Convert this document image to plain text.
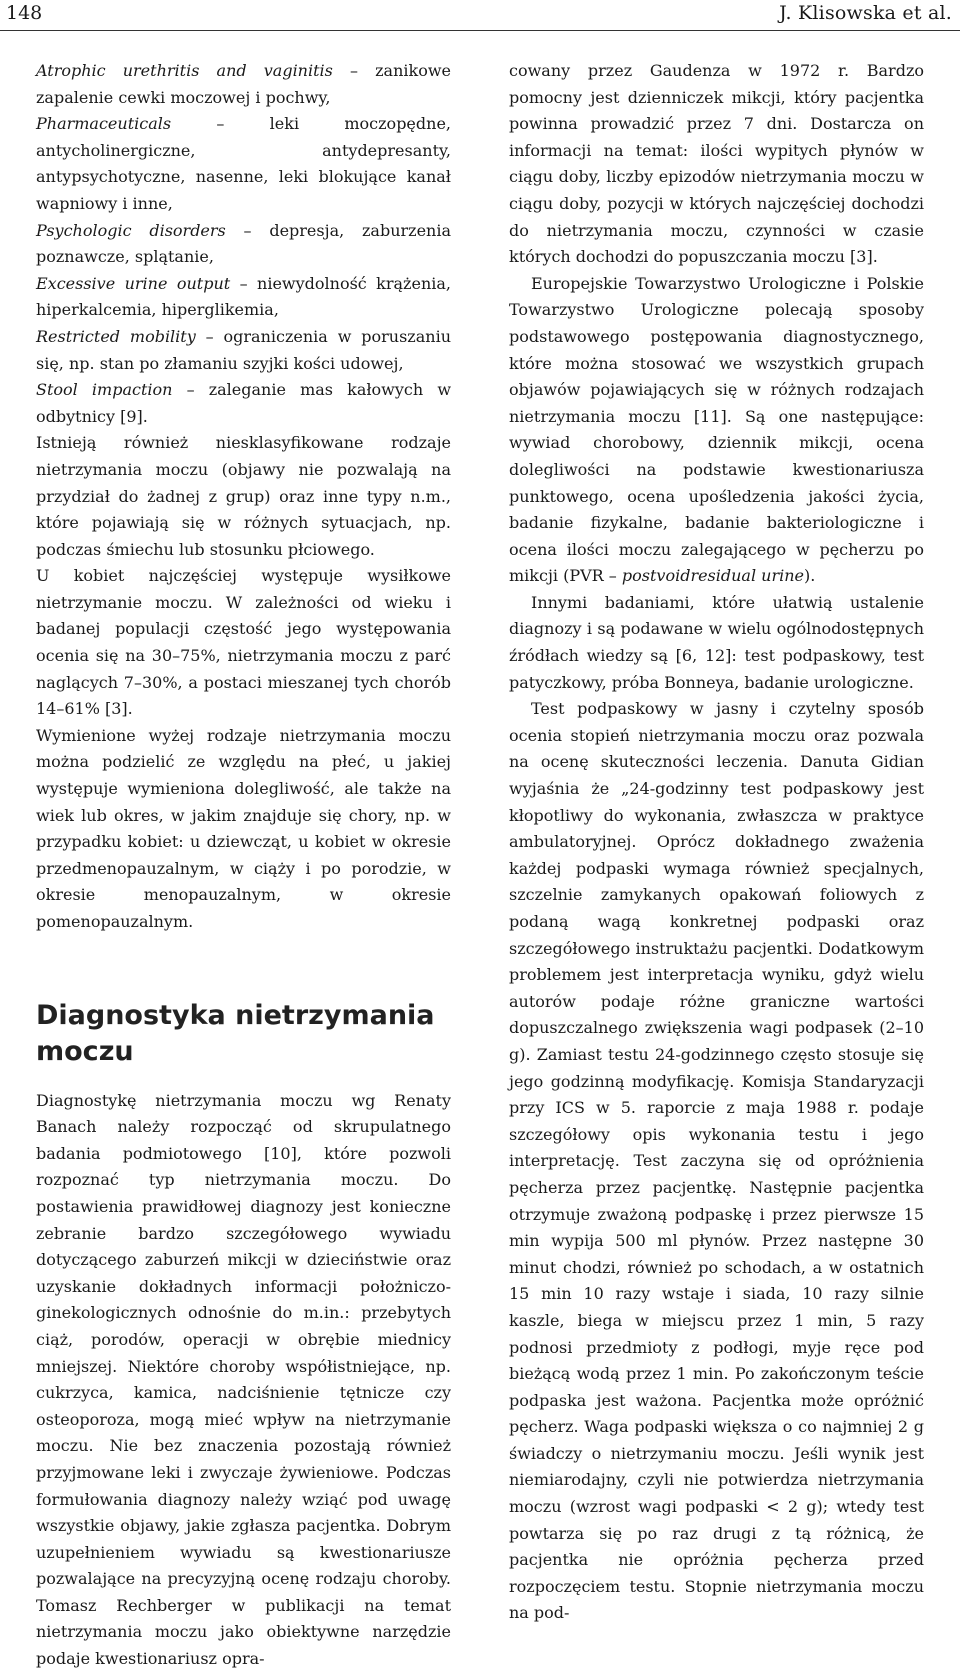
148	J. Klisowska et al.

Atrophic urethritis and vaginitis – zanikowe zapalenie cewki moczowej i pochwy,

Pharmaceuticals – leki moczopędne, antycholinergiczne, antydepresanty, antypsychotyczne, nasenne, leki blokujące kanał wapniowy i inne,

Psychologic disorders – depresja, zaburzenia poznawcze, splątanie,

Excessive urine output – niewydolność krążenia, hiperkalcemia, hiperglikemia,

Restricted mobility – ograniczenia w poruszaniu się, np. stan po złamaniu szyjki kości udowej,

Stool impaction – zaleganie mas kałowych w odbytnicy [9].

Istnieją również niesklasyfikowane rodzaje nietrzymania moczu (objawy nie pozwalają na przydział do żadnej z grup) oraz inne typy n.m., które pojawiają się w różnych sytuacjach, np. podczas śmiechu lub stosunku płciowego.

U kobiet najczęściej występuje wysiłkowe nietrzymanie moczu. W zależności od wieku i badanej populacji częstość jego występowania ocenia się na 30–75%, nietrzymania moczu z parć naglących 7–30%, a postaci mieszanej tych chorób 14–61% [3].

Wymienione wyżej rodzaje nietrzymania moczu można podzielić ze względu na płeć, u jakiej występuje wymieniona dolegliwość, ale także na wiek lub okres, w jakim znajduje się chory, np. w przypadku kobiet: u dziewcząt, u kobiet w okresie przedmenopauzalnym, w ciąży i po porodzie, w okresie menopauzalnym, w okresie pomenopauzalnym.

Diagnostyka nietrzymania moczu

Diagnostykę nietrzymania moczu wg Renaty Banach należy rozpocząć od skrupulatnego badania podmiotowego [10], które pozwoli rozpoznać typ nietrzymania moczu. Do postawienia prawidłowej diagnozy jest konieczne zebranie bardzo szczegółowego wywiadu dotyczącego zaburzeń mikcji w dzieciństwie oraz uzyskanie dokładnych informacji położniczo-ginekologicznych odnośnie do m.in.: przebytych ciąż, porodów, operacji w obrębie miednicy mniejszej. Niektóre choroby współistniejące, np. cukrzyca, kamica, nadciśnienie tętnicze czy osteoporoza, mogą mieć wpływ na nietrzymanie moczu. Nie bez znaczenia pozostają również przyjmowane leki i zwyczaje żywieniowe. Podczas formułowania diagnozy należy wziąć pod uwagę wszystkie objawy, jakie zgłasza pacjentka. Dobrym uzupełnieniem wywiadu są kwestionariusze pozwalające na precyzyjną ocenę rodzaju choroby. Tomasz Rechberger w publikacji na temat nietrzymania moczu jako obiektywne narzędzie podaje kwestionariusz opra-

cowany przez Gaudenza w 1972 r. Bardzo pomocny jest dzienniczek mikcji, który pacjentka powinna prowadzić przez 7 dni. Dostarcza on informacji na temat: ilości wypitych płynów w ciągu doby, liczby epizodów nietrzymania moczu w ciągu doby, pozycji w których najczęściej dochodzi do nietrzymania moczu, czynności w czasie których dochodzi do popuszczania moczu [3].

Europejskie Towarzystwo Urologiczne i Polskie Towarzystwo Urologiczne polecają sposoby podstawowego postępowania diagnostycznego, które można stosować we wszystkich grupach objawów pojawiających się w różnych rodzajach nietrzymania moczu [11]. Są one następujące: wywiad chorobowy, dziennik mikcji, ocena dolegliwości na podstawie kwestionariusza punktowego, ocena upośledzenia jakości życia, badanie fizykalne, badanie bakteriologiczne i ocena ilości moczu zalegającego w pęcherzu po mikcji (PVR – postvoidresidual urine).

Innymi badaniami, które ułatwią ustalenie diagnozy i są podawane w wielu ogólnodostępnych źródłach wiedzy są [6, 12]: test podpaskowy, test patyczkowy, próba Bonneya, badanie urologiczne.

Test podpaskowy w jasny i czytelny sposób ocenia stopień nietrzymania moczu oraz pozwala na ocenę skuteczności leczenia. Danuta Gidian wyjaśnia że „24-godzinny test podpaskowy jest kłopotliwy do wykonania, zwłaszcza w praktyce ambulatoryjnej. Oprócz dokładnego zważenia każdej podpaski wymaga również specjalnych, szczelnie zamykanych opakowań foliowych z podaną wagą konkretnej podpaski oraz szczegółowego instruktażu pacjentki. Dodatkowym problemem jest interpretacja wyniku, gdyż wielu autorów podaje różne graniczne wartości dopuszczalnego zwiększenia wagi podpasek (2–10 g). Zamiast testu 24-godzinnego często stosuje się jego godzinną modyfikację. Komisja Standaryzacji przy ICS w 5. raporcie z maja 1988 r. podaje szczegółowy opis wykonania testu i jego interpretację. Test zaczyna się od opróżnienia pęcherza przez pacjentkę. Następnie pacjentka otrzymuje zważoną podpaskę i przez pierwsze 15 min wypija 500 ml płynów. Przez następne 30 minut chodzi, również po schodach, a w ostatnich 15 min 10 razy wstaje i siada, 10 razy silnie kaszle, biega w miejscu przez 1 min, 5 razy podnosi przedmioty z podłogi, myje ręce pod bieżącą wodą przez 1 min. Po zakończonym teście podpaska jest ważona. Pacjentka może opróżnić pęcherz. Waga podpaski większa o co najmniej 2 g świadczy o nietrzymaniu moczu. Jeśli wynik jest niemiarodajny, czyli nie potwierdza nietrzymania moczu (wzrost wagi podpaski < 2 g); wtedy test powtarza się po raz drugi z tą różnicą, że pacjentka nie opróżnia pęcherza przed rozpoczęciem testu. Stopnie nietrzymania moczu na pod-
